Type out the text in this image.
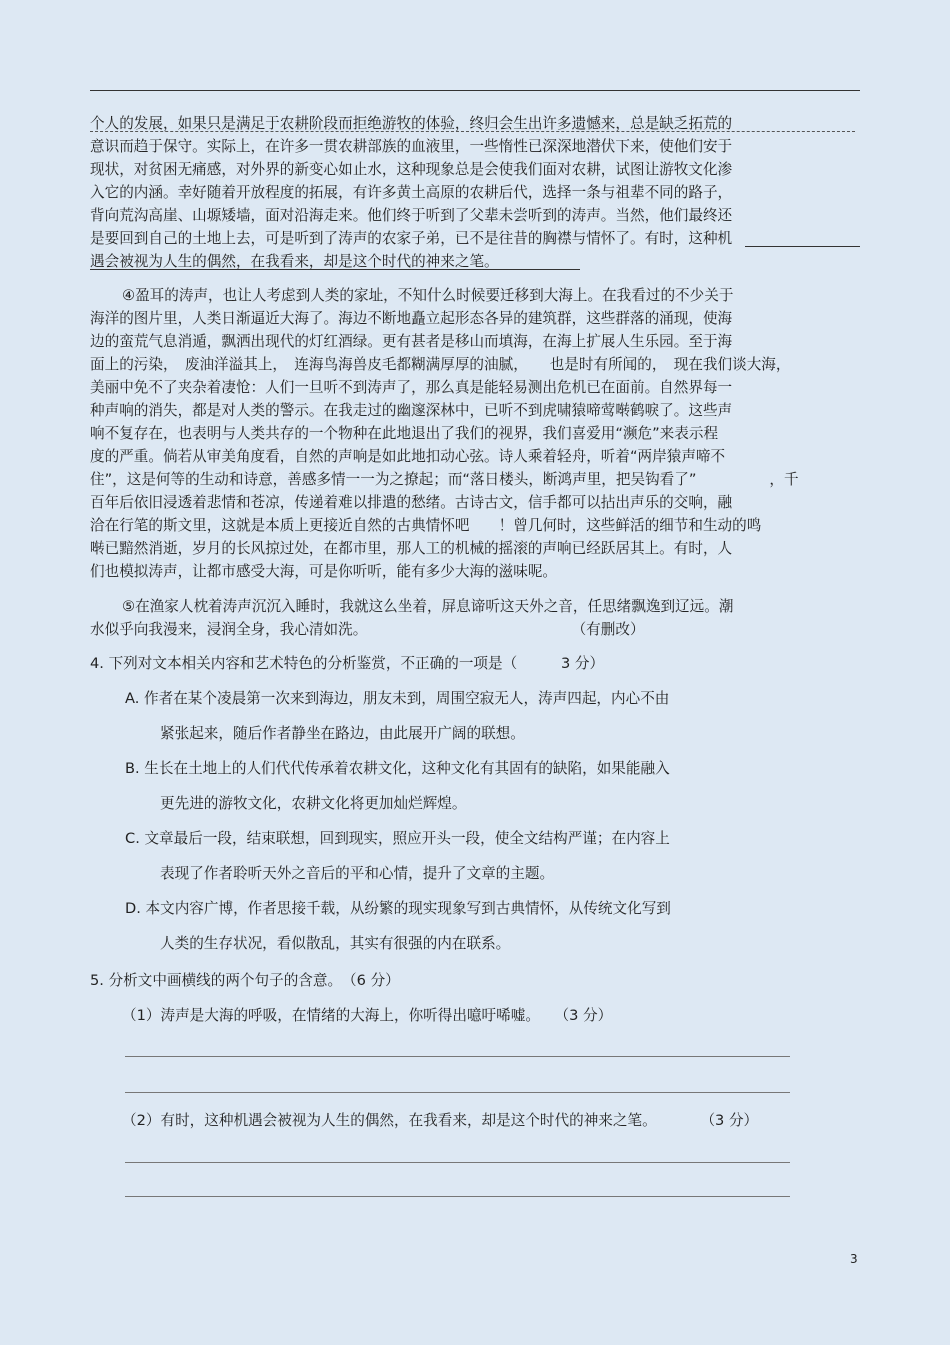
个人的发展，如果只是满足于农耕阶段而拒绝游牧的体验，终归会生出许多遗憾来，总是缺乏拓荒的
意识而趋于保守。实际上，在许多一贯农耕部族的血液里，一些惰性已深深地潜伏下来，使他们安于
现状，对贫困无痛感，对外界的新变心如止水，这种现象总是会使我们面对农耕，试图让游牧文化渗
入它的内涵。幸好随着开放程度的拓展，有许多黄土高原的农耕后代，选择一条与祖辈不同的路子，
背向荒沟高崖、山塬矮墙，面对沿海走来。他们终于听到了父辈未尝听到的涛声。当然，他们最终还
是要回到自己的土地上去，可是听到了涛声的农家子弟，已不是往昔的胸襟与情怀了。有时，这种机
遇会被视为人生的偶然，在我看来，却是这个时代的神来之笔。
④盈耳的涛声，也让人考虑到人类的家址，不知什么时候要迁移到大海上。在我看过的不少关于
海洋的图片里，人类日渐逼近大海了。海边不断地矗立起形态各异的建筑群，这些群落的涌现，使海
边的蛮荒气息消遁，飘洒出现代的灯红酒绿。更有甚者是移山而填海，在海上扩展人生乐园。至于海
面上的污染，　废油洋溢其上，　连海鸟海兽皮毛都糊满厚厚的油腻，　　也是时有所闻的，　现在我们谈大海，
美丽中免不了夹杂着凄怆：人们一旦听不到涛声了，那么真是能轻易测出危机已在面前。自然界每一
种声响的消失，都是对人类的警示。在我走过的幽邃深林中，已听不到虎啸猿啼莺啭鹤唳了。这些声
响不复存在，也表明与人类共存的一个物种在此地退出了我们的视界，我们喜爱用“濒危”来表示程
度的严重。倘若从审美角度看，自然的声响是如此地扣动心弦。诗人乘着轻舟，听着“两岸猿声啼不
住”，这是何等的生动和诗意，善感多情一一为之撩起；而“落日楼头，断鸿声里，把吴钩看了”　　　　　，千
百年后依旧浸透着悲情和苍凉，传递着难以排遣的愁绪。古诗古文，信手都可以拈出声乐的交响，融
洽在行笔的斯文里，这就是本质上更接近自然的古典情怀吧　　！曾几何时，这些鲜活的细节和生动的鸣
啭已黯然消逝，岁月的长风掠过处，在都市里，那人工的机械的摇滚的声响已经跃居其上。有时，人
们也模拟涛声，让都市感受大海，可是你听听，能有多少大海的滋味呢。
⑤在渔家人枕着涛声沉沉入睡时，我就这么坐着，屏息谛听这天外之音，任思绪飘逸到辽远。潮
水似乎向我漫来，浸润全身，我心清如洗。　　　　　　　　　　　　　　　（有删改）
4. 下列对文本相关内容和艺术特色的分析鉴赏，不正确的一项是（　　　3 分）
A. 作者在某个凌晨第一次来到海边，朋友未到，周围空寂无人，涛声四起，内心不由
紧张起来，随后作者静坐在路边，由此展开广阔的联想。
B. 生长在土地上的人们代代传承着农耕文化，这种文化有其固有的缺陷，如果能融入
更先进的游牧文化，农耕文化将更加灿烂辉煌。
C. 文章最后一段，结束联想，回到现实，照应开头一段，使全文结构严谨；在内容上
表现了作者聆听天外之音后的平和心情，提升了文章的主题。
D. 本文内容广博，作者思接千载，从纷繁的现实现象写到古典情怀，从传统文化写到
人类的生存状况，看似散乱，其实有很强的内在联系。
5. 分析文中画横线的两个句子的含意。　（6 分）
（1）涛声是大海的呼吸，在情绪的大海上，你听得出噫吁唏嘘。　　（3 分）
（2）有时，这种机遇会被视为人生的偶然，在我看来，却是这个时代的神来之笔。　　　　（3 分）
3
